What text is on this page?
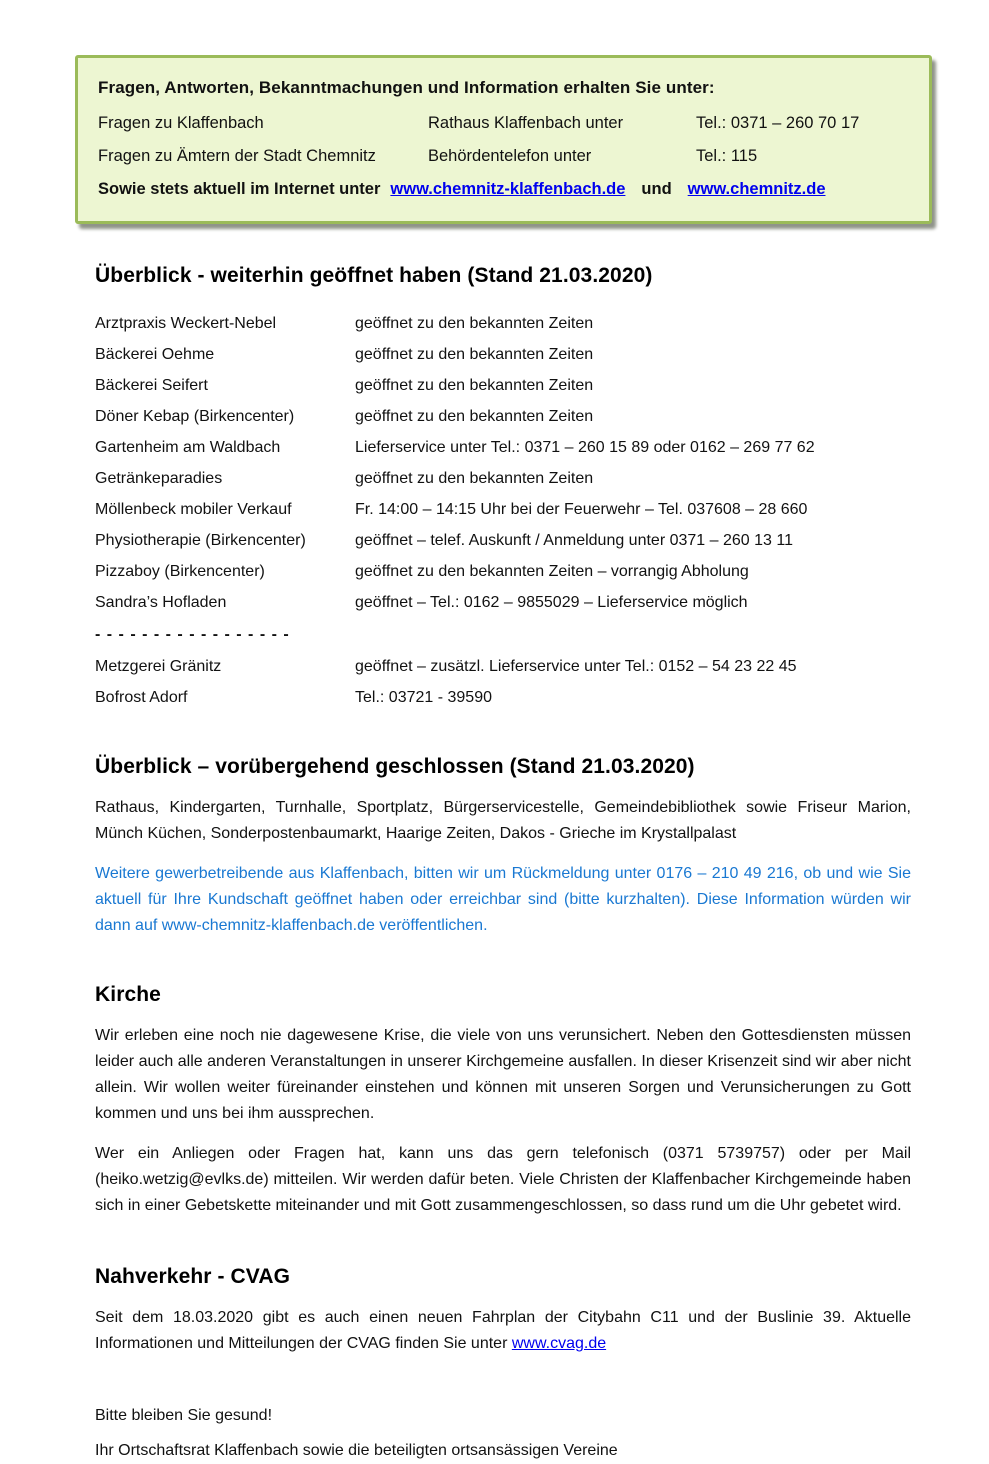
Fragen, Antworten, Bekanntmachungen und Information erhalten Sie unter:
Fragen zu Klaffenbach	Rathaus Klaffenbach unter	Tel.: 0371 – 260 70 17
Fragen zu Ämtern der Stadt Chemnitz	Behördentelefon unter	Tel.: 115
Sowie stets aktuell im Internet unter www.chemnitz-klaffenbach.de und www.chemnitz.de
Überblick - weiterhin geöffnet haben (Stand 21.03.2020)
Arztpraxis Weckert-Nebel	geöffnet zu den bekannten Zeiten
Bäckerei Oehme	geöffnet zu den bekannten Zeiten
Bäckerei Seifert	geöffnet zu den bekannten Zeiten
Döner Kebap (Birkencenter)	geöffnet zu den bekannten Zeiten
Gartenheim am Waldbach	Lieferservice unter Tel.: 0371 – 260 15 89 oder 0162 – 269 77 62
Getränkeparadies	geöffnet zu den bekannten Zeiten
Möllenbeck mobiler Verkauf	Fr. 14:00 – 14:15 Uhr bei der Feuerwehr – Tel. 037608 – 28 660
Physiotherapie (Birkencenter)	geöffnet – telef. Auskunft / Anmeldung unter 0371 – 260 13 11
Pizzaboy (Birkencenter)	geöffnet zu den bekannten Zeiten – vorrangig Abholung
Sandra’s Hofladen	geöffnet – Tel.: 0162 – 9855029 – Lieferservice möglich
- - - - - - - - - - - - - - - - -
Metzgerei Gränitz	geöffnet – zusätzl. Lieferservice unter Tel.: 0152 – 54 23 22 45
Bofrost Adorf	Tel.: 03721 - 39590
Überblick – vorübergehend geschlossen (Stand 21.03.2020)

Rathaus, Kindergarten, Turnhalle, Sportplatz, Bürgerservicestelle, Gemeindebibliothek sowie Friseur Marion, Münch Küchen, Sonderpostenbaumarkt, Haarige Zeiten, Dakos - Grieche im Krystallpalast

Weitere gewerbetreibende aus Klaffenbach, bitten wir um Rückmeldung unter 0176 – 210 49 216, ob und wie Sie aktuell für Ihre Kundschaft geöffnet haben oder erreichbar sind (bitte kurzhalten). Diese Information würden wir dann auf www-chemnitz-klaffenbach.de veröffentlichen.

Kirche

Wir erleben eine noch nie dagewesene Krise, die viele von uns verunsichert. Neben den Gottesdiensten müssen leider auch alle anderen Veranstaltungen in unserer Kirchgemeine ausfallen. In dieser Krisenzeit sind wir aber nicht allein. Wir wollen weiter füreinander einstehen und können mit unseren Sorgen und Verunsicherungen zu Gott kommen und uns bei ihm aussprechen.

Wer ein Anliegen oder Fragen hat, kann uns das gern telefonisch (0371 5739757) oder per Mail (heiko.wetzig@evlks.de) mitteilen. Wir werden dafür beten. Viele Christen der Klaffenbacher Kirchgemeinde haben sich in einer Gebetskette miteinander und mit Gott zusammengeschlossen, so dass rund um die Uhr gebetet wird.

Nahverkehr - CVAG

Seit dem 18.03.2020 gibt es auch einen neuen Fahrplan der Citybahn C11 und der Buslinie 39. Aktuelle Informationen und Mitteilungen der CVAG finden Sie unter www.cvag.de

Bitte bleiben Sie gesund!

Ihr Ortschaftsrat Klaffenbach sowie die beteiligten ortsansässigen Vereine
